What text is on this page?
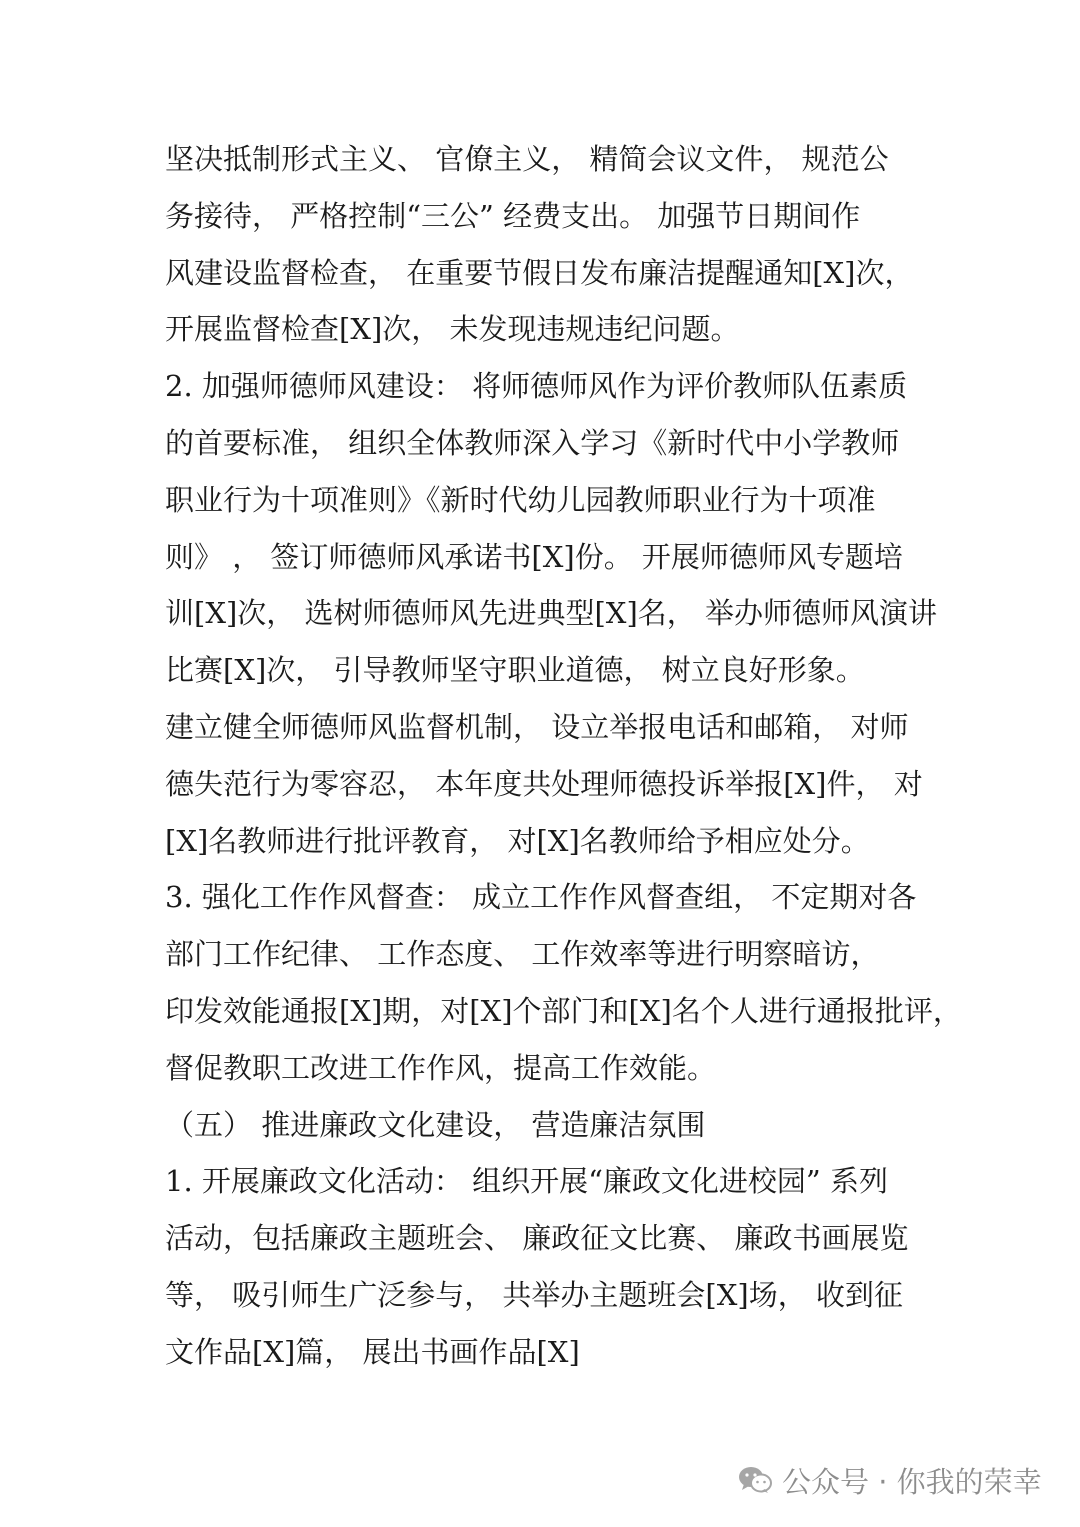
坚决抵制形式主义、 官僚主义， 精简会议文件， 规范公
务接待， 严格控制“三公” 经费支出。 加强节日期间作
风建设监督检查， 在重要节假日发布廉洁提醒通知[X]次，
开展监督检查[X]次， 未发现违规违纪问题。
2. 加强师德师风建设： 将师德师风作为评价教师队伍素质
的首要标准， 组织全体教师深入学习《新时代中小学教师
职业行为十项准则》《新时代幼儿园教师职业行为十项准
则》 ， 签订师德师风承诺书[X]份。 开展师德师风专题培
训[X]次， 选树师德师风先进典型[X]名， 举办师德师风演讲
比赛[X]次， 引导教师坚守职业道德， 树立良好形象。
建立健全师德师风监督机制， 设立举报电话和邮箱， 对师
德失范行为零容忍， 本年度共处理师德投诉举报[X]件， 对
[X]名教师进行批评教育， 对[X]名教师给予相应处分。
3. 强化工作作风督查： 成立工作作风督查组， 不定期对各
部门工作纪律、 工作态度、 工作效率等进行明察暗访，
印发效能通报[X]期，对[X]个部门和[X]名个人进行通报批评，
督促教职工改进工作作风，提高工作效能。
（五） 推进廉政文化建设， 营造廉洁氛围
1. 开展廉政文化活动： 组织开展“廉政文化进校园” 系列
活动，包括廉政主题班会、 廉政征文比赛、 廉政书画展览
等， 吸引师生广泛参与， 共举办主题班会[X]场， 收到征
文作品[X]篇， 展出书画作品[X]
公众号 · 你我的荣幸
